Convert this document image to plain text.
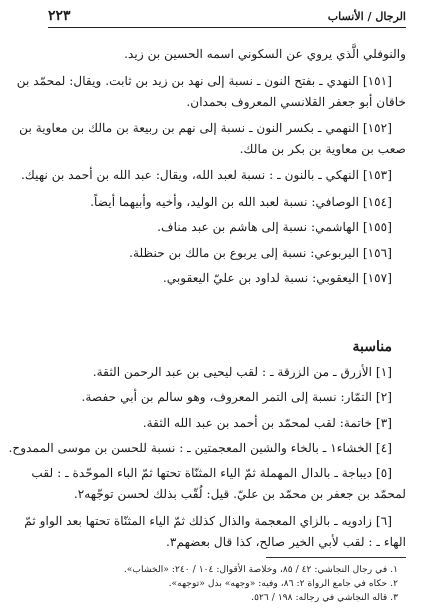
الرجال / الأنساب
٢٢٣
والنوفلي الَّذي يروي عن السكوني اسمه الحسين بن زيد.
[١٥١] النهدي ـ بفتح النون ـ نسبة إلى نهد بن زيد بن ثابت. ويقال: لمحمّد بن
خاقان أبو جعفر القلانسي المعروف بحمدان.
[١٥٢] النهمي ـ بكسر النون ـ نسبة إلى نهم بن ربيعة بن مالك بن معاوية بن
صعب بن معاوية بن بكر بن مالك.
[١٥٣] النهكي ـ بالنون ـ : نسبة لعبد الله، ويقال: عبد الله بن أحمد بن نهيك.
[١٥٤] الوصافي: نسبة لعبد الله بن الوليد، وأخيه وأبيهما أيضاً.
[١٥٥] الهاشمي: نسبة إلى هاشم بن عبد مناف.
[١٥٦] اليربوعي: نسبة إلى يربوع بن مالك بن حنظلة.
[١٥٧] اليعقوبي: نسبة لداود بن عليّ اليعقوبي.
مناسبة
[١] الأزرق ـ من الزرقة ـ : لقب ليحيى بن عبد الرحمن الثقة.
[٢] التمّار: نسبة إلى التمر المعروف، وهو سالم بن أبي حفصة.
[٣] خاتمة: لقب لمحمّد بن أحمد بن عبد الله الثقة.
[٤] الخشاء١ ـ بالخاء والشين المعجمتين ـ : نسبة للحسن بن موسى الممدوح.
[٥] ديباجة ـ بالدال المهملة ثمّ الياء المثنّاة تحتها ثمّ الباء الموحّدة ـ : لقب
لمحمّد بن جعفر بن محمّد بن عليّ. قيل: لُقّب بذلك لحسن توجّهه٢.
[٦] زادويه ـ بالزاي المعجمة والذال كذلك ثمّ الياء المثنّاة تحتها بعد الواو ثمّ
الهاء ـ : لقب لأبي الخير صالح، كذا قال بعضهم٣.
١. في رجال النجاشي: ٤٢ / ٨٥، وخلاصة الأقوال: ١٠٤ / ٢٤٠: «الخشاب».
٢. حكاه في جامع الرواة ٢: ٨٦، وفيه: «وجهه» بدل «توجهه».
٣. قاله النجاشي في رجاله: ١٩٨ / ٥٢٦.
